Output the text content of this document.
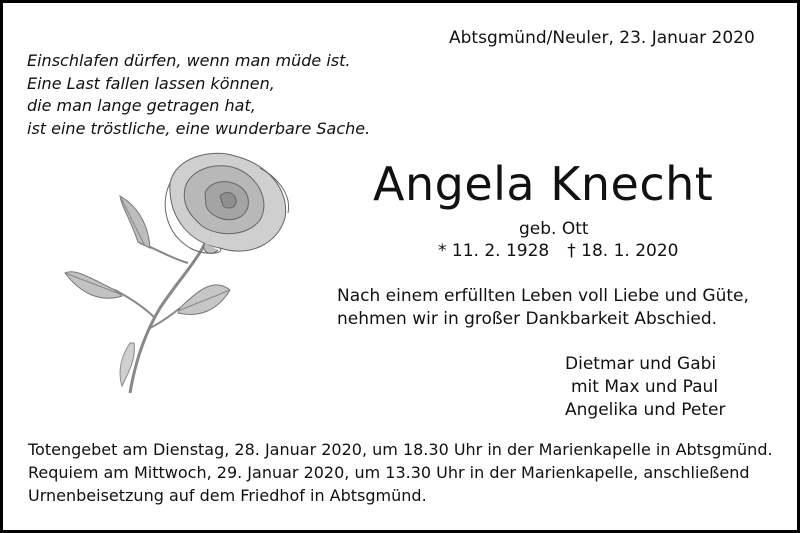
Abtsgmünd/Neuler, 23. Januar 2020
Einschlafen dürfen, wenn man müde ist.
Eine Last fallen lassen können,
die man lange getragen hat,
ist eine tröstliche, eine wunderbare Sache.
Angela Knecht
geb. Ott
* 11. 2. 1928 † 18. 1. 2020
Nach einem erfüllten Leben voll Liebe und Güte,
nehmen wir in großer Dankbarkeit Abschied.
Dietmar und Gabi
mit Max und Paul
Angelika und Peter
Totengebet am Dienstag, 28. Januar 2020, um 18.30 Uhr in der Marienkapelle in Abtsgmünd.
Requiem am Mittwoch, 29. Januar 2020, um 13.30 Uhr in der Marienkapelle, anschließend
Urnenbeisetzung auf dem Friedhof in Abtsgmünd.
